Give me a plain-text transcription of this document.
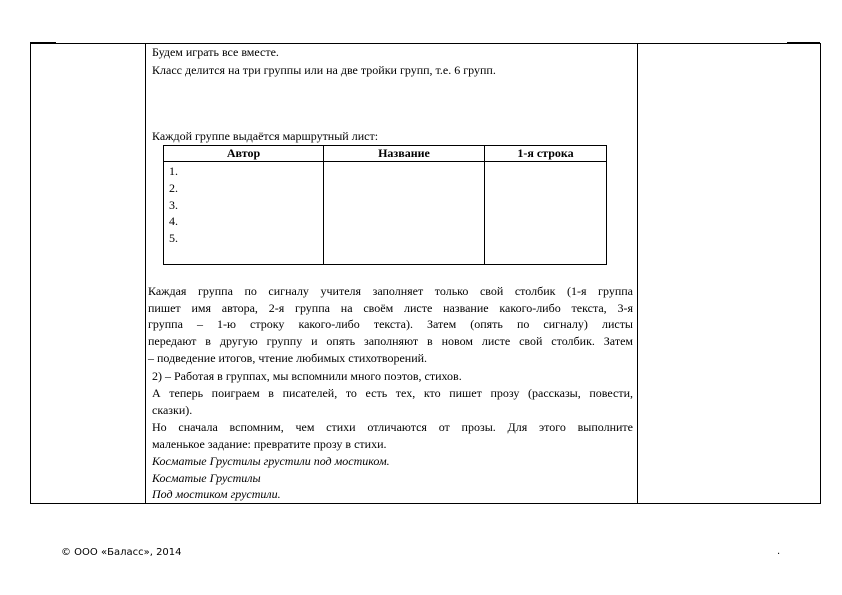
Будем играть все вместе.
Класс делится на три группы или на две тройки групп, т.е. 6 групп.
Каждой группе выдаётся маршрутный лист:
Автор	Название	1-я строка

1.
2.
3.
4.
5.		

Каждая группа по сигналу учителя заполняет только свой столбик (1-я группа
пишет имя автора, 2-я группа на своём листе название какого-либо текста, 3-я
группа – 1-ю строку какого-либо текста). Затем (опять по сигналу) листы
передают в другую группу и опять заполняют в новом листе свой столбик. Затем
– подведение итогов, чтение любимых стихотворений.
2) – Работая в группах, мы вспомнили много поэтов, стихов.
А теперь поиграем в писателей, то есть тех, кто пишет прозу (рассказы, повести,
сказки).
Но сначала вспомним, чем стихи отличаются от прозы. Для этого выполните
маленькое задание: превратите прозу в стихи.
Косматые Грустилы грустили под мостиком.
Косматые Грустилы
Под мостиком грустили.
© ООО «Баласс», 2014	.
